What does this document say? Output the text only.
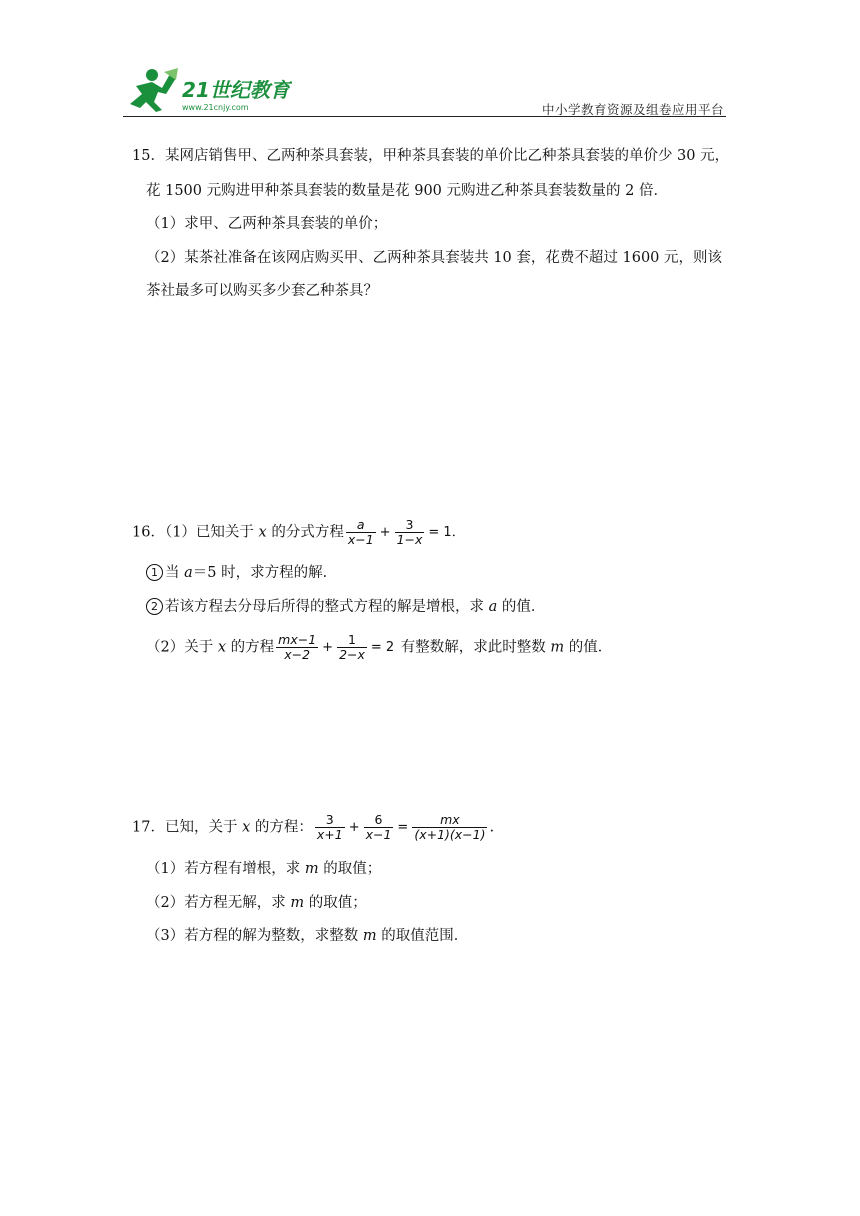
21世纪教育
www.21cnjy.com	中小学教育资源及组卷应用平台
15．某网店销售甲、乙两种茶具套装，甲种茶具套装的单价比乙种茶具套装的单价少 30 元，
花 1500 元购进甲种茶具套装的数量是花 900 元购进乙种茶具套装数量的 2 倍．
（1）求甲、乙两种茶具套装的单价；
（2）某茶社准备在该网店购买甲、乙两种茶具套装共 10 套，花费不超过 1600 元，则该
茶社最多可以购买多少套乙种茶具？
16．（1）已知关于 x 的分式方程 $\frac{a}{x-1} + \frac{3}{1-x} = 1$．
1 当 a＝5 时，求方程的解．
2 若该方程去分母后所得的整式方程的解是增根，求 a 的值．
（2）关于 x 的方程 $\frac{mx-1}{x-2} + \frac{1}{2-x} = 2$ 有整数解，求此时整数 m 的值．
17．已知，关于 x 的方程： $\frac{3}{x+1} + \frac{6}{x-1} = \frac{mx}{(x+1)(x-1)}$ .
（1）若方程有增根，求 m 的取值；
（2）若方程无解，求 m 的取值；
（3）若方程的解为整数，求整数 m 的取值范围．
